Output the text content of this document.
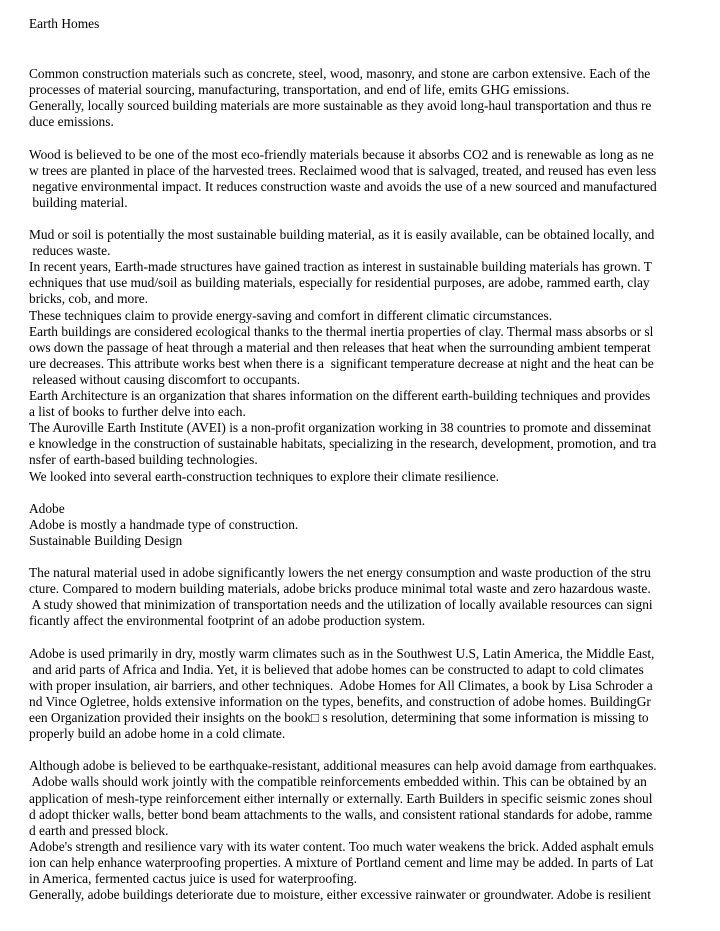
Earth Homes
Common construction materials such as concrete, steel, wood, masonry, and stone are carbon extensive. Each of the
processes of material sourcing, manufacturing, transportation, and end of life, emits GHG emissions.
Generally, locally sourced building materials are more sustainable as they avoid long-haul transportation and thus re
duce emissions.
Wood is believed to be one of the most eco-friendly materials because it absorbs CO2 and is renewable as long as ne
w trees are planted in place of the harvested trees. Reclaimed wood that is salvaged, treated, and reused has even less
negative environmental impact. It reduces construction waste and avoids the use of a new sourced and manufactured
building material.
Mud or soil is potentially the most sustainable building material, as it is easily available, can be obtained locally, and
reduces waste.
In recent years, Earth-made structures have gained traction as interest in sustainable building materials has grown. T
echniques that use mud/soil as building materials, especially for residential purposes, are adobe, rammed earth, clay
bricks, cob, and more.
These techniques claim to provide energy-saving and comfort in different climatic circumstances.
Earth buildings are considered ecological thanks to the thermal inertia properties of clay. Thermal mass absorbs or sl
ows down the passage of heat through a material and then releases that heat when the surrounding ambient temperat
ure decreases. This attribute works best when there is a  significant temperature decrease at night and the heat can be
released without causing discomfort to occupants.
Earth Architecture is an organization that shares information on the different earth-building techniques and provides
a list of books to further delve into each.
The Auroville Earth Institute (AVEI) is a non-profit organization working in 38 countries to promote and disseminat
e knowledge in the construction of sustainable habitats, specializing in the research, development, promotion, and tra
nsfer of earth-based building technologies.
We looked into several earth-construction techniques to explore their climate resilience.
Adobe
Adobe is mostly a handmade type of construction.
Sustainable Building Design
The natural material used in adobe significantly lowers the net energy consumption and waste production of the stru
cture. Compared to modern building materials, adobe bricks produce minimal total waste and zero hazardous waste.
A study showed that minimization of transportation needs and the utilization of locally available resources can signi
ficantly affect the environmental footprint of an adobe production system.
Adobe is used primarily in dry, mostly warm climates such as in the Southwest U.S, Latin America, the Middle East,
and arid parts of Africa and India. Yet, it is believed that adobe homes can be constructed to adapt to cold climates
with proper insulation, air barriers, and other techniques.  Adobe Homes for All Climates, a book by Lisa Schroder a
nd Vince Ogletree, holds extensive information on the types, benefits, and construction of adobe homes. BuildingGr
een Organization provided their insights on the book□ s resolution, determining that some information is missing to
properly build an adobe home in a cold climate.
Although adobe is believed to be earthquake-resistant, additional measures can help avoid damage from earthquakes.
Adobe walls should work jointly with the compatible reinforcements embedded within. This can be obtained by an
application of mesh-type reinforcement either internally or externally. Earth Builders in specific seismic zones shoul
d adopt thicker walls, better bond beam attachments to the walls, and consistent rational standards for adobe, ramme
d earth and pressed block.
Adobe's strength and resilience vary with its water content. Too much water weakens the brick. Added asphalt emuls
ion can help enhance waterproofing properties. A mixture of Portland cement and lime may be added. In parts of Lat
in America, fermented cactus juice is used for waterproofing.
Generally, adobe buildings deteriorate due to moisture, either excessive rainwater or groundwater. Adobe is resilient
